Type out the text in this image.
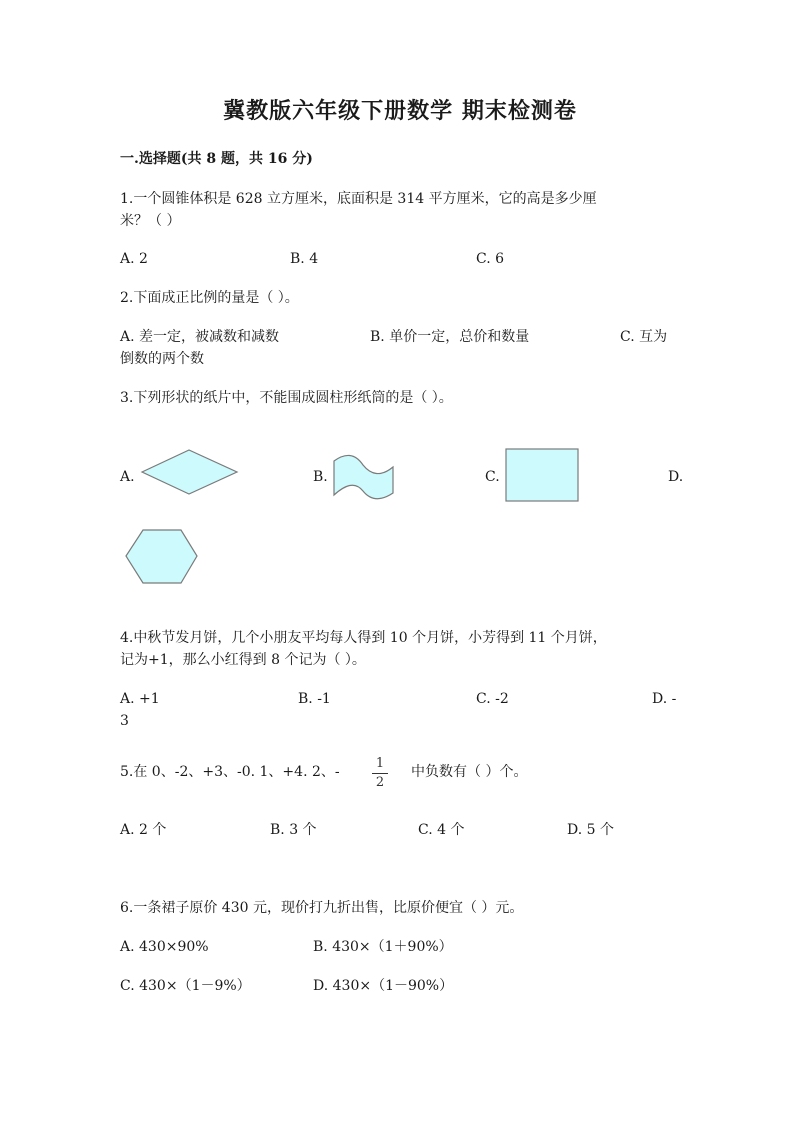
冀教版六年级下册数学 期末检测卷
一.选择题(共 8 题，共 16 分)
1.一个圆锥体积是 628 立方厘米，底面积是 314 平方厘米，它的高是多少厘
米？（ ）
A. 2	B. 4	C. 6
2.下面成正比例的量是（ ）。
A. 差一定，被减数和减数	B. 单价一定，总价和数量	C. 互为
倒数的两个数
3.下列形状的纸片中，不能围成圆柱形纸筒的是（ ）。
A.	B.	C.	D.
4.中秋节发月饼，几个小朋友平均每人得到 10 个月饼，小芳得到 11 个月饼，
记为+1，那么小红得到 8 个记为（ ）。
A. +1	B. -1	C. -2	D. -
3
5.在 0、-2、+3、-0. 1、+4. 2、-
1
2
中负数有（ ）个。
A. 2 个	B. 3 个	C. 4 个	D. 5 个
6.一条裙子原价 430 元，现价打九折出售，比原价便宜（ ）元。
A. 430×90%	B. 430×（1＋90%）
C. 430×（1－9%）	D. 430×（1－90%）
